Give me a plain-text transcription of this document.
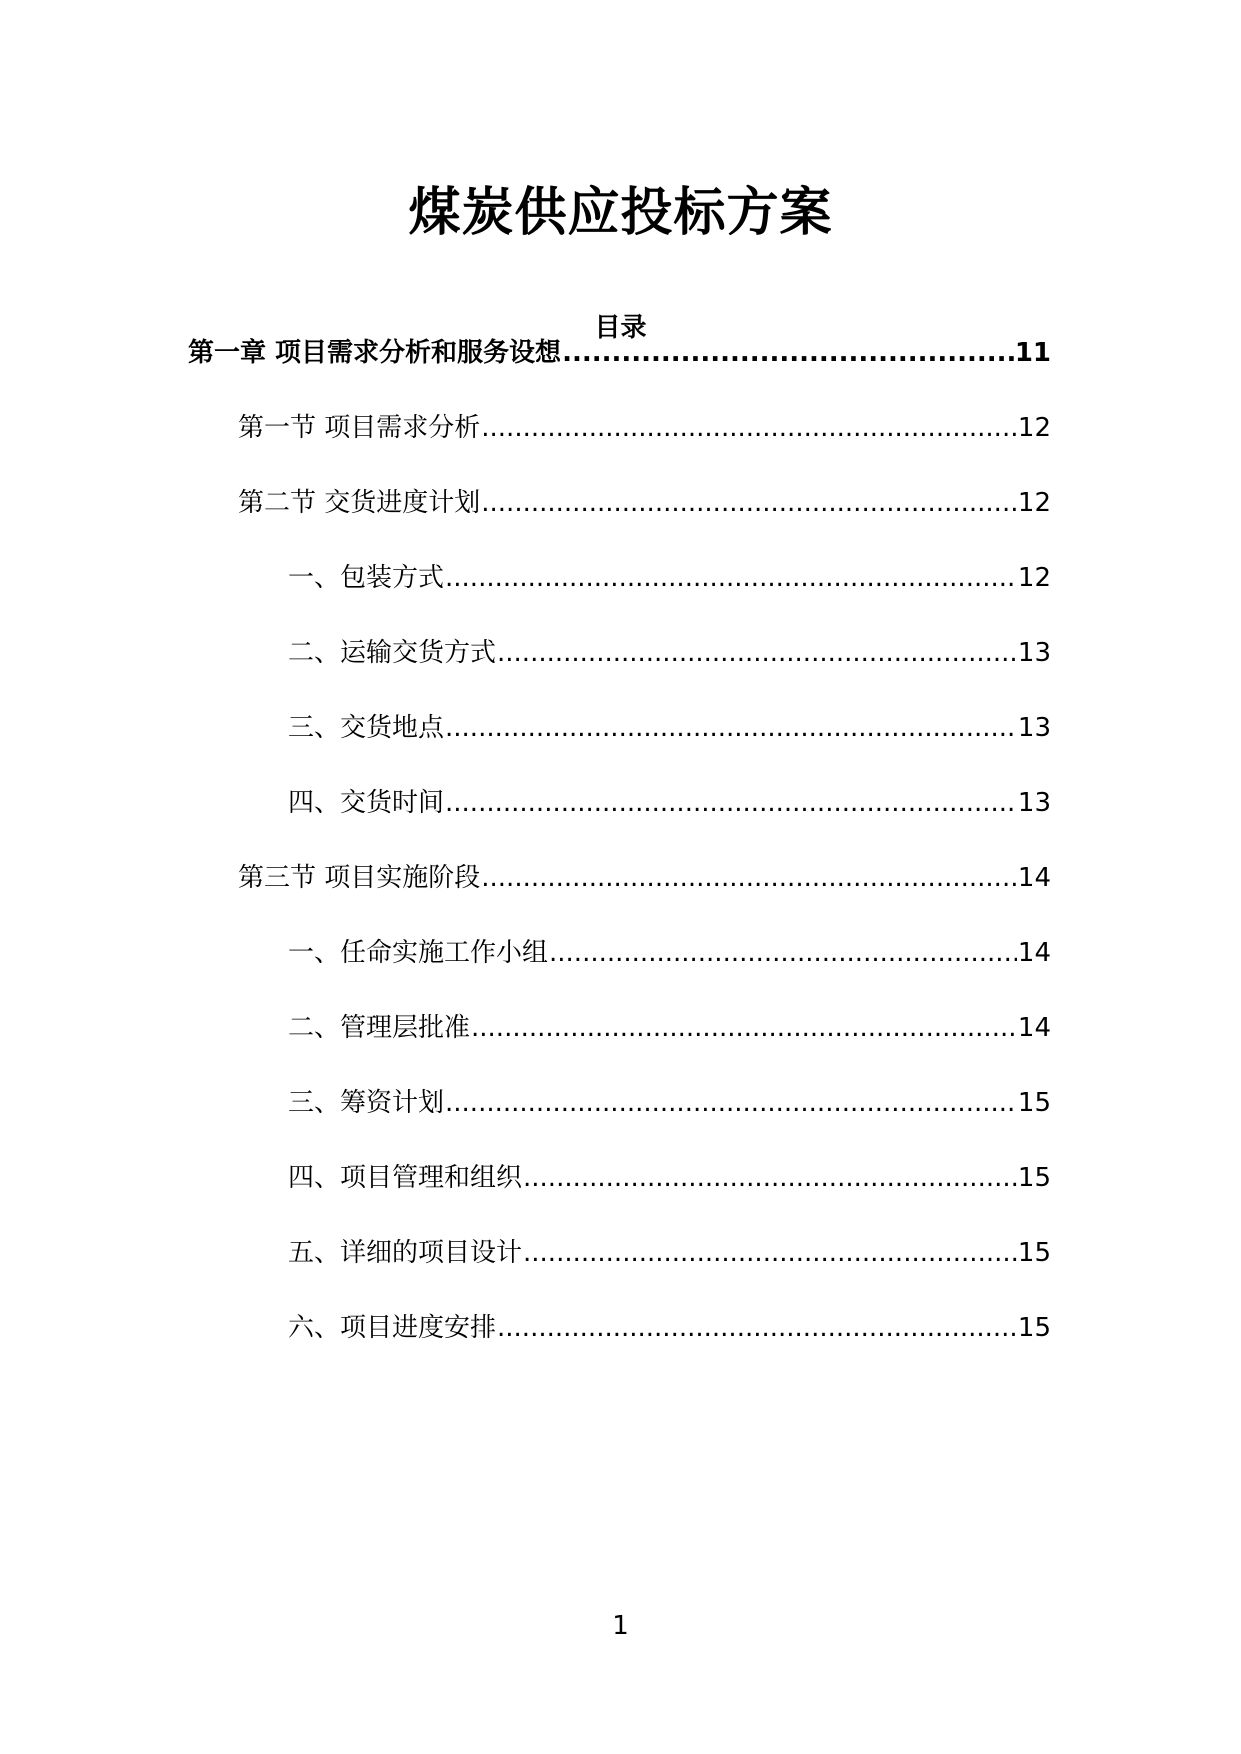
煤炭供应投标方案
目录
第一章 项目需求分析和服务设想 .....	11
第一节 项目需求分析 .....	12
第二节 交货进度计划 .....	12
一、包装方式 .....	12
二、运输交货方式 .....	13
三、交货地点 .....	13
四、交货时间 .....	13
第三节 项目实施阶段 .....	14
一、任命实施工作小组 .....	14
二、管理层批准 .....	14
三、筹资计划 .....	15
四、项目管理和组织 .....	15
五、详细的项目设计 .....	15
六、项目进度安排 .....	15
1
